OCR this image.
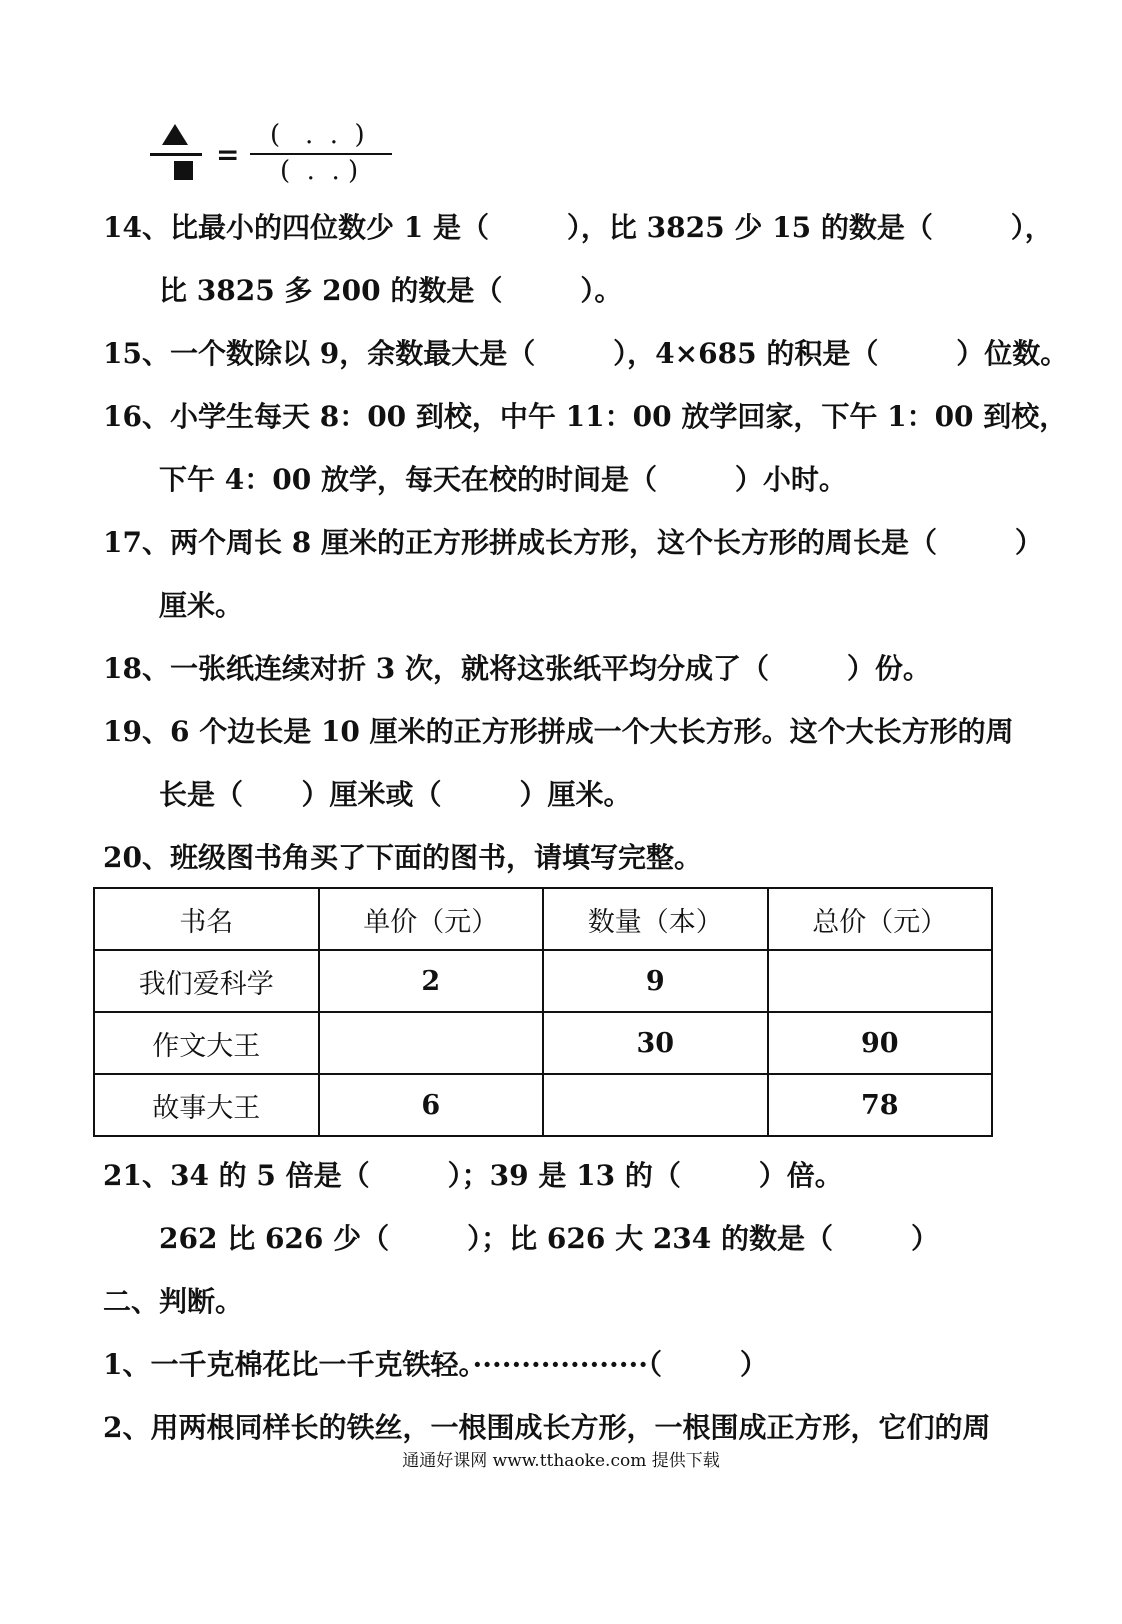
=
(   .  .  )
(  .  . )
14、比最小的四位数少 1 是（        ），比 3825 少 15 的数是（        ），
比 3825 多 200 的数是（        ）。
15、一个数除以 9，余数最大是（        ），4×685 的积是（        ）位数。
16、小学生每天 8：00 到校，中午 11：00 放学回家，下午 1：00 到校，
下午 4：00 放学，每天在校的时间是（        ）小时。
17、两个周长 8 厘米的正方形拼成长方形，这个长方形的周长是（        ）
厘米。
18、一张纸连续对折 3 次，就将这张纸平均分成了（        ）份。
19、6 个边长是 10 厘米的正方形拼成一个大长方形。这个大长方形的周
长是（      ）厘米或（        ）厘米。
20、班级图书角买了下面的图书，请填写完整。
书名	单价（元）	数量（本）	总价（元）
我们爱科学	2	9	
作文大王		30	90
故事大王	6		78
21、34 的 5 倍是（        ）；39 是 13 的（        ）倍。
262 比 626 少（        ）；比 626 大 234 的数是（        ）
二、判断。
1、一千克棉花比一千克铁轻。··················（        ）
2、用两根同样长的铁丝，一根围成长方形，一根围成正方形，它们的周
通通好课网 www.tthaoke.com 提供下载
